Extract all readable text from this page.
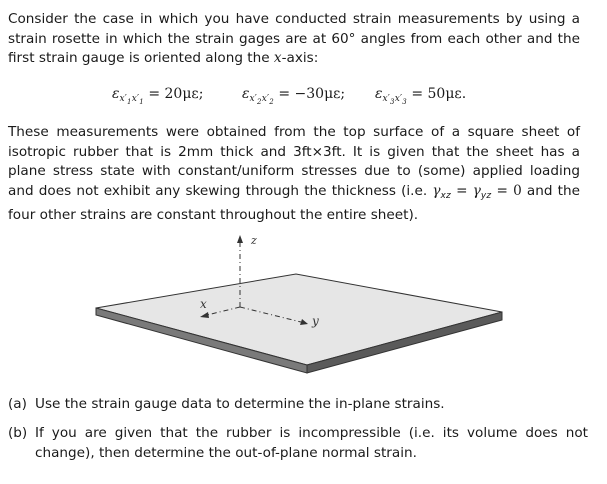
Consider the case in which you have conducted strain measurements by using a strain rosette in which the strain gages are at 60° angles from each other and the first strain gauge is oriented along the x-axis:
$\varepsilon_{x'_1x'_1} = 20\mu\varepsilon$;	$\varepsilon_{x'_2x'_2} = -30\mu\varepsilon$; $\varepsilon_{x'_3x'_3} = 50\mu\varepsilon$.
These measurements were obtained from the top surface of a square sheet of isotropic rubber that is 2mm thick and 3ft×3ft. It is given that the sheet has a plane stress state with constant/uniform stresses due to (some) applied loading and does not exhibit any skewing through the thickness (i.e. $\gamma_{xz} = \gamma_{yz} = 0$ and the four other strains are constant throughout the entire sheet).
z
x
y
(a) Use the strain gauge data to determine the in-plane strains.
(b) If you are given that the rubber is incompressible (i.e. its volume does not change), then determine the out-of-plane normal strain.
